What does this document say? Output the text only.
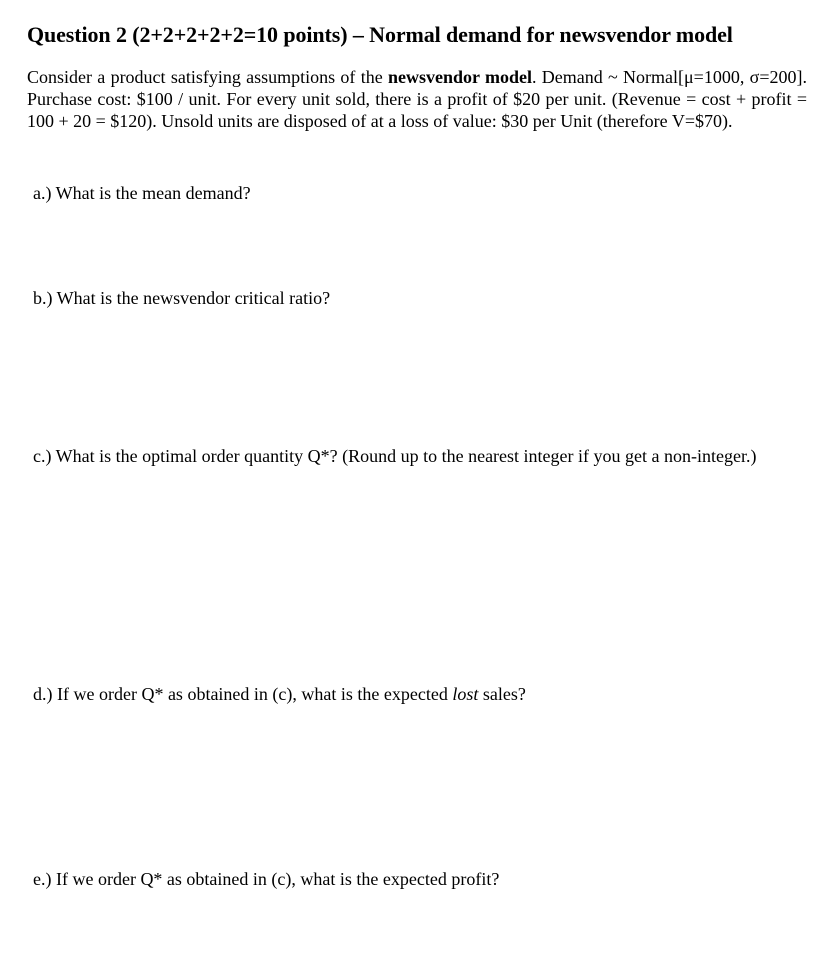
Question 2 (2+2+2+2+2=10 points) – Normal demand for newsvendor model
Consider a product satisfying assumptions of the newsvendor model. Demand ~ Normal[μ=1000, σ=200]. Purchase cost: $100 / unit. For every unit sold, there is a profit of $20 per unit. (Revenue = cost + profit = 100 + 20 = $120). Unsold units are disposed of at a loss of value: $30 per Unit (therefore V=$70).
a.) What is the mean demand?
b.) What is the newsvendor critical ratio?
c.) What is the optimal order quantity Q*? (Round up to the nearest integer if you get a non-integer.)
d.) If we order Q* as obtained in (c), what is the expected lost sales?
e.) If we order Q* as obtained in (c), what is the expected profit?
